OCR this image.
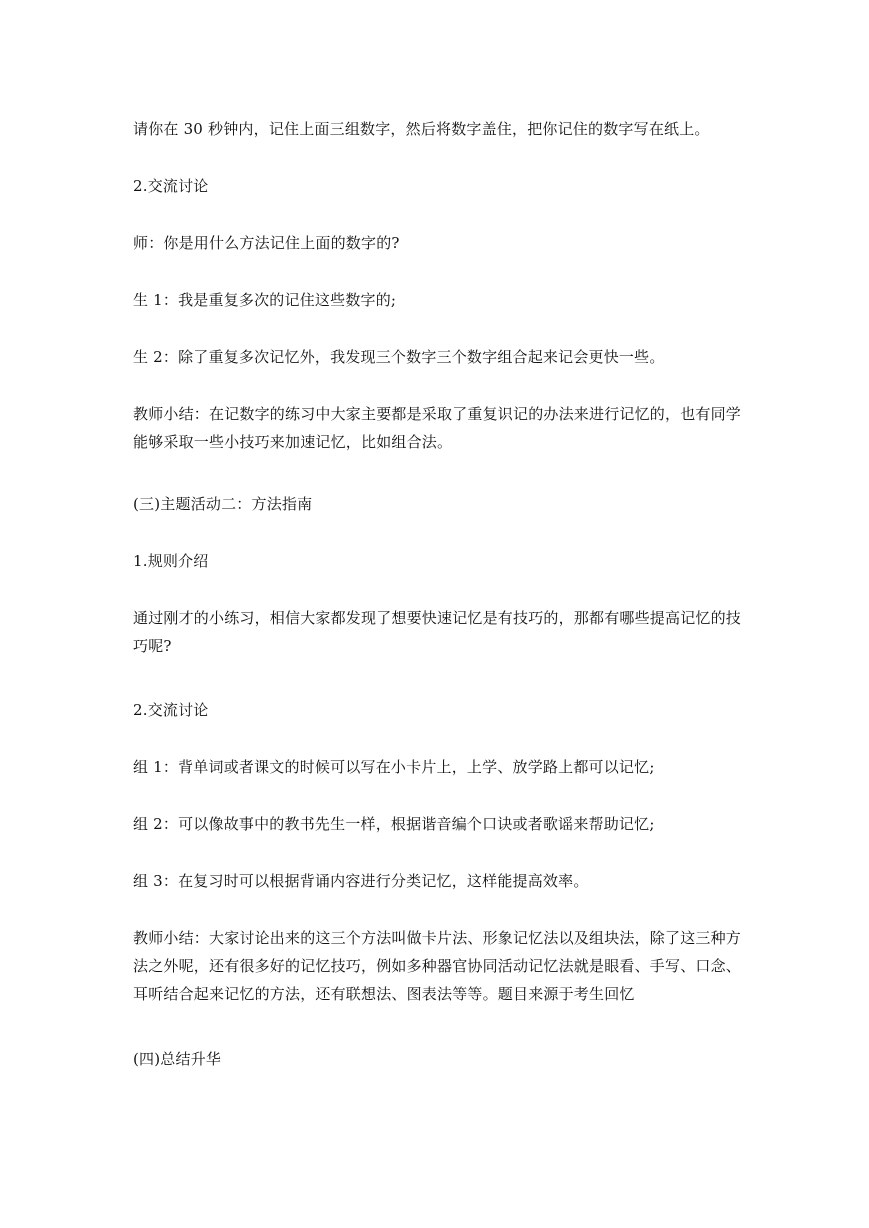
请你在 30 秒钟内，记住上面三组数字，然后将数字盖住，把你记住的数字写在纸上。

2.交流讨论

师：你是用什么方法记住上面的数字的?

生 1：我是重复多次的记住这些数字的;

生 2：除了重复多次记忆外，我发现三个数字三个数字组合起来记会更快一些。

教师小结：在记数字的练习中大家主要都是采取了重复识记的办法来进行记忆的，也有同学能够采取一些小技巧来加速记忆，比如组合法。

(三)主题活动二：方法指南

1.规则介绍

通过刚才的小练习，相信大家都发现了想要快速记忆是有技巧的，那都有哪些提高记忆的技巧呢?

2.交流讨论

组 1：背单词或者课文的时候可以写在小卡片上，上学、放学路上都可以记忆;

组 2：可以像故事中的教书先生一样，根据谐音编个口诀或者歌谣来帮助记忆;

组 3：在复习时可以根据背诵内容进行分类记忆，这样能提高效率。

教师小结：大家讨论出来的这三个方法叫做卡片法、形象记忆法以及组块法，除了这三种方法之外呢，还有很多好的记忆技巧，例如多种器官协同活动记忆法就是眼看、手写、口念、耳听结合起来记忆的方法，还有联想法、图表法等等。题目来源于考生回忆

(四)总结升华
